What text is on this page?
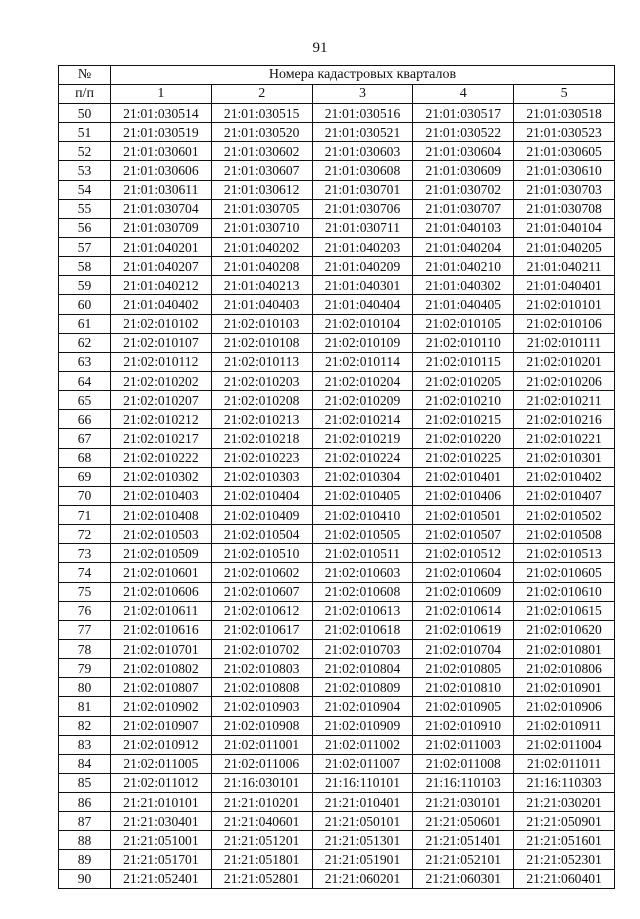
91
№	Номера кадастровых кварталов				
п/п	1	2	3	4	5
50	21:01:030514	21:01:030515	21:01:030516	21:01:030517	21:01:030518
51	21:01:030519	21:01:030520	21:01:030521	21:01:030522	21:01:030523
52	21:01:030601	21:01:030602	21:01:030603	21:01:030604	21:01:030605
53	21:01:030606	21:01:030607	21:01:030608	21:01:030609	21:01:030610
54	21:01:030611	21:01:030612	21:01:030701	21:01:030702	21:01:030703
55	21:01:030704	21:01:030705	21:01:030706	21:01:030707	21:01:030708
56	21:01:030709	21:01:030710	21:01:030711	21:01:040103	21:01:040104
57	21:01:040201	21:01:040202	21:01:040203	21:01:040204	21:01:040205
58	21:01:040207	21:01:040208	21:01:040209	21:01:040210	21:01:040211
59	21:01:040212	21:01:040213	21:01:040301	21:01:040302	21:01:040401
60	21:01:040402	21:01:040403	21:01:040404	21:01:040405	21:02:010101
61	21:02:010102	21:02:010103	21:02:010104	21:02:010105	21:02:010106
62	21:02:010107	21:02:010108	21:02:010109	21:02:010110	21:02:010111
63	21:02:010112	21:02:010113	21:02:010114	21:02:010115	21:02:010201
64	21:02:010202	21:02:010203	21:02:010204	21:02:010205	21:02:010206
65	21:02:010207	21:02:010208	21:02:010209	21:02:010210	21:02:010211
66	21:02:010212	21:02:010213	21:02:010214	21:02:010215	21:02:010216
67	21:02:010217	21:02:010218	21:02:010219	21:02:010220	21:02:010221
68	21:02:010222	21:02:010223	21:02:010224	21:02:010225	21:02:010301
69	21:02:010302	21:02:010303	21:02:010304	21:02:010401	21:02:010402
70	21:02:010403	21:02:010404	21:02:010405	21:02:010406	21:02:010407
71	21:02:010408	21:02:010409	21:02:010410	21:02:010501	21:02:010502
72	21:02:010503	21:02:010504	21:02:010505	21:02:010507	21:02:010508
73	21:02:010509	21:02:010510	21:02:010511	21:02:010512	21:02:010513
74	21:02:010601	21:02:010602	21:02:010603	21:02:010604	21:02:010605
75	21:02:010606	21:02:010607	21:02:010608	21:02:010609	21:02:010610
76	21:02:010611	21:02:010612	21:02:010613	21:02:010614	21:02:010615
77	21:02:010616	21:02:010617	21:02:010618	21:02:010619	21:02:010620
78	21:02:010701	21:02:010702	21:02:010703	21:02:010704	21:02:010801
79	21:02:010802	21:02:010803	21:02:010804	21:02:010805	21:02:010806
80	21:02:010807	21:02:010808	21:02:010809	21:02:010810	21:02:010901
81	21:02:010902	21:02:010903	21:02:010904	21:02:010905	21:02:010906
82	21:02:010907	21:02:010908	21:02:010909	21:02:010910	21:02:010911
83	21:02:010912	21:02:011001	21:02:011002	21:02:011003	21:02:011004
84	21:02:011005	21:02:011006	21:02:011007	21:02:011008	21:02:011011
85	21:02:011012	21:16:030101	21:16:110101	21:16:110103	21:16:110303
86	21:21:010101	21:21:010201	21:21:010401	21:21:030101	21:21:030201
87	21:21:030401	21:21:040601	21:21:050101	21:21:050601	21:21:050901
88	21:21:051001	21:21:051201	21:21:051301	21:21:051401	21:21:051601
89	21:21:051701	21:21:051801	21:21:051901	21:21:052101	21:21:052301
90	21:21:052401	21:21:052801	21:21:060201	21:21:060301	21:21:060401
